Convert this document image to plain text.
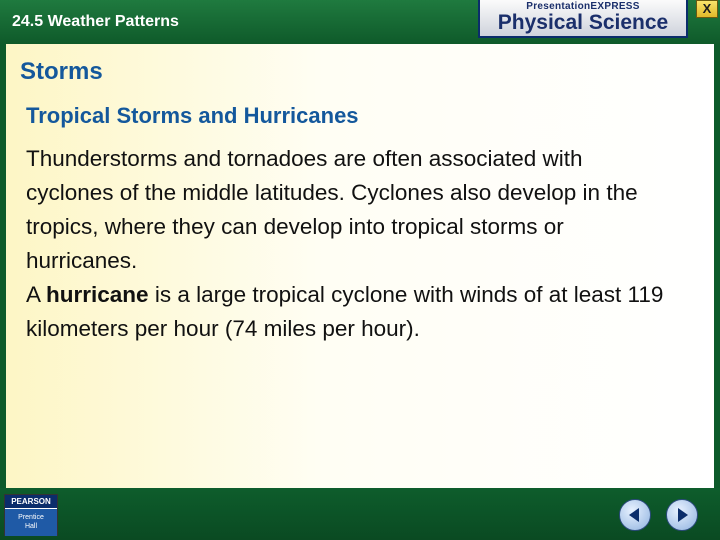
24.5 Weather Patterns
PresentationEXPRESS
Physical Science
X
Storms
Tropical Storms and Hurricanes

Thunderstorms and tornadoes are often associated with cyclones of the middle latitudes. Cyclones also develop in the tropics, where they can develop into tropical storms or hurricanes.

A hurricane is a large tropical cyclone with winds of at least 119 kilometers per hour (74 miles per hour).

PEARSON
Prentice
Hall
